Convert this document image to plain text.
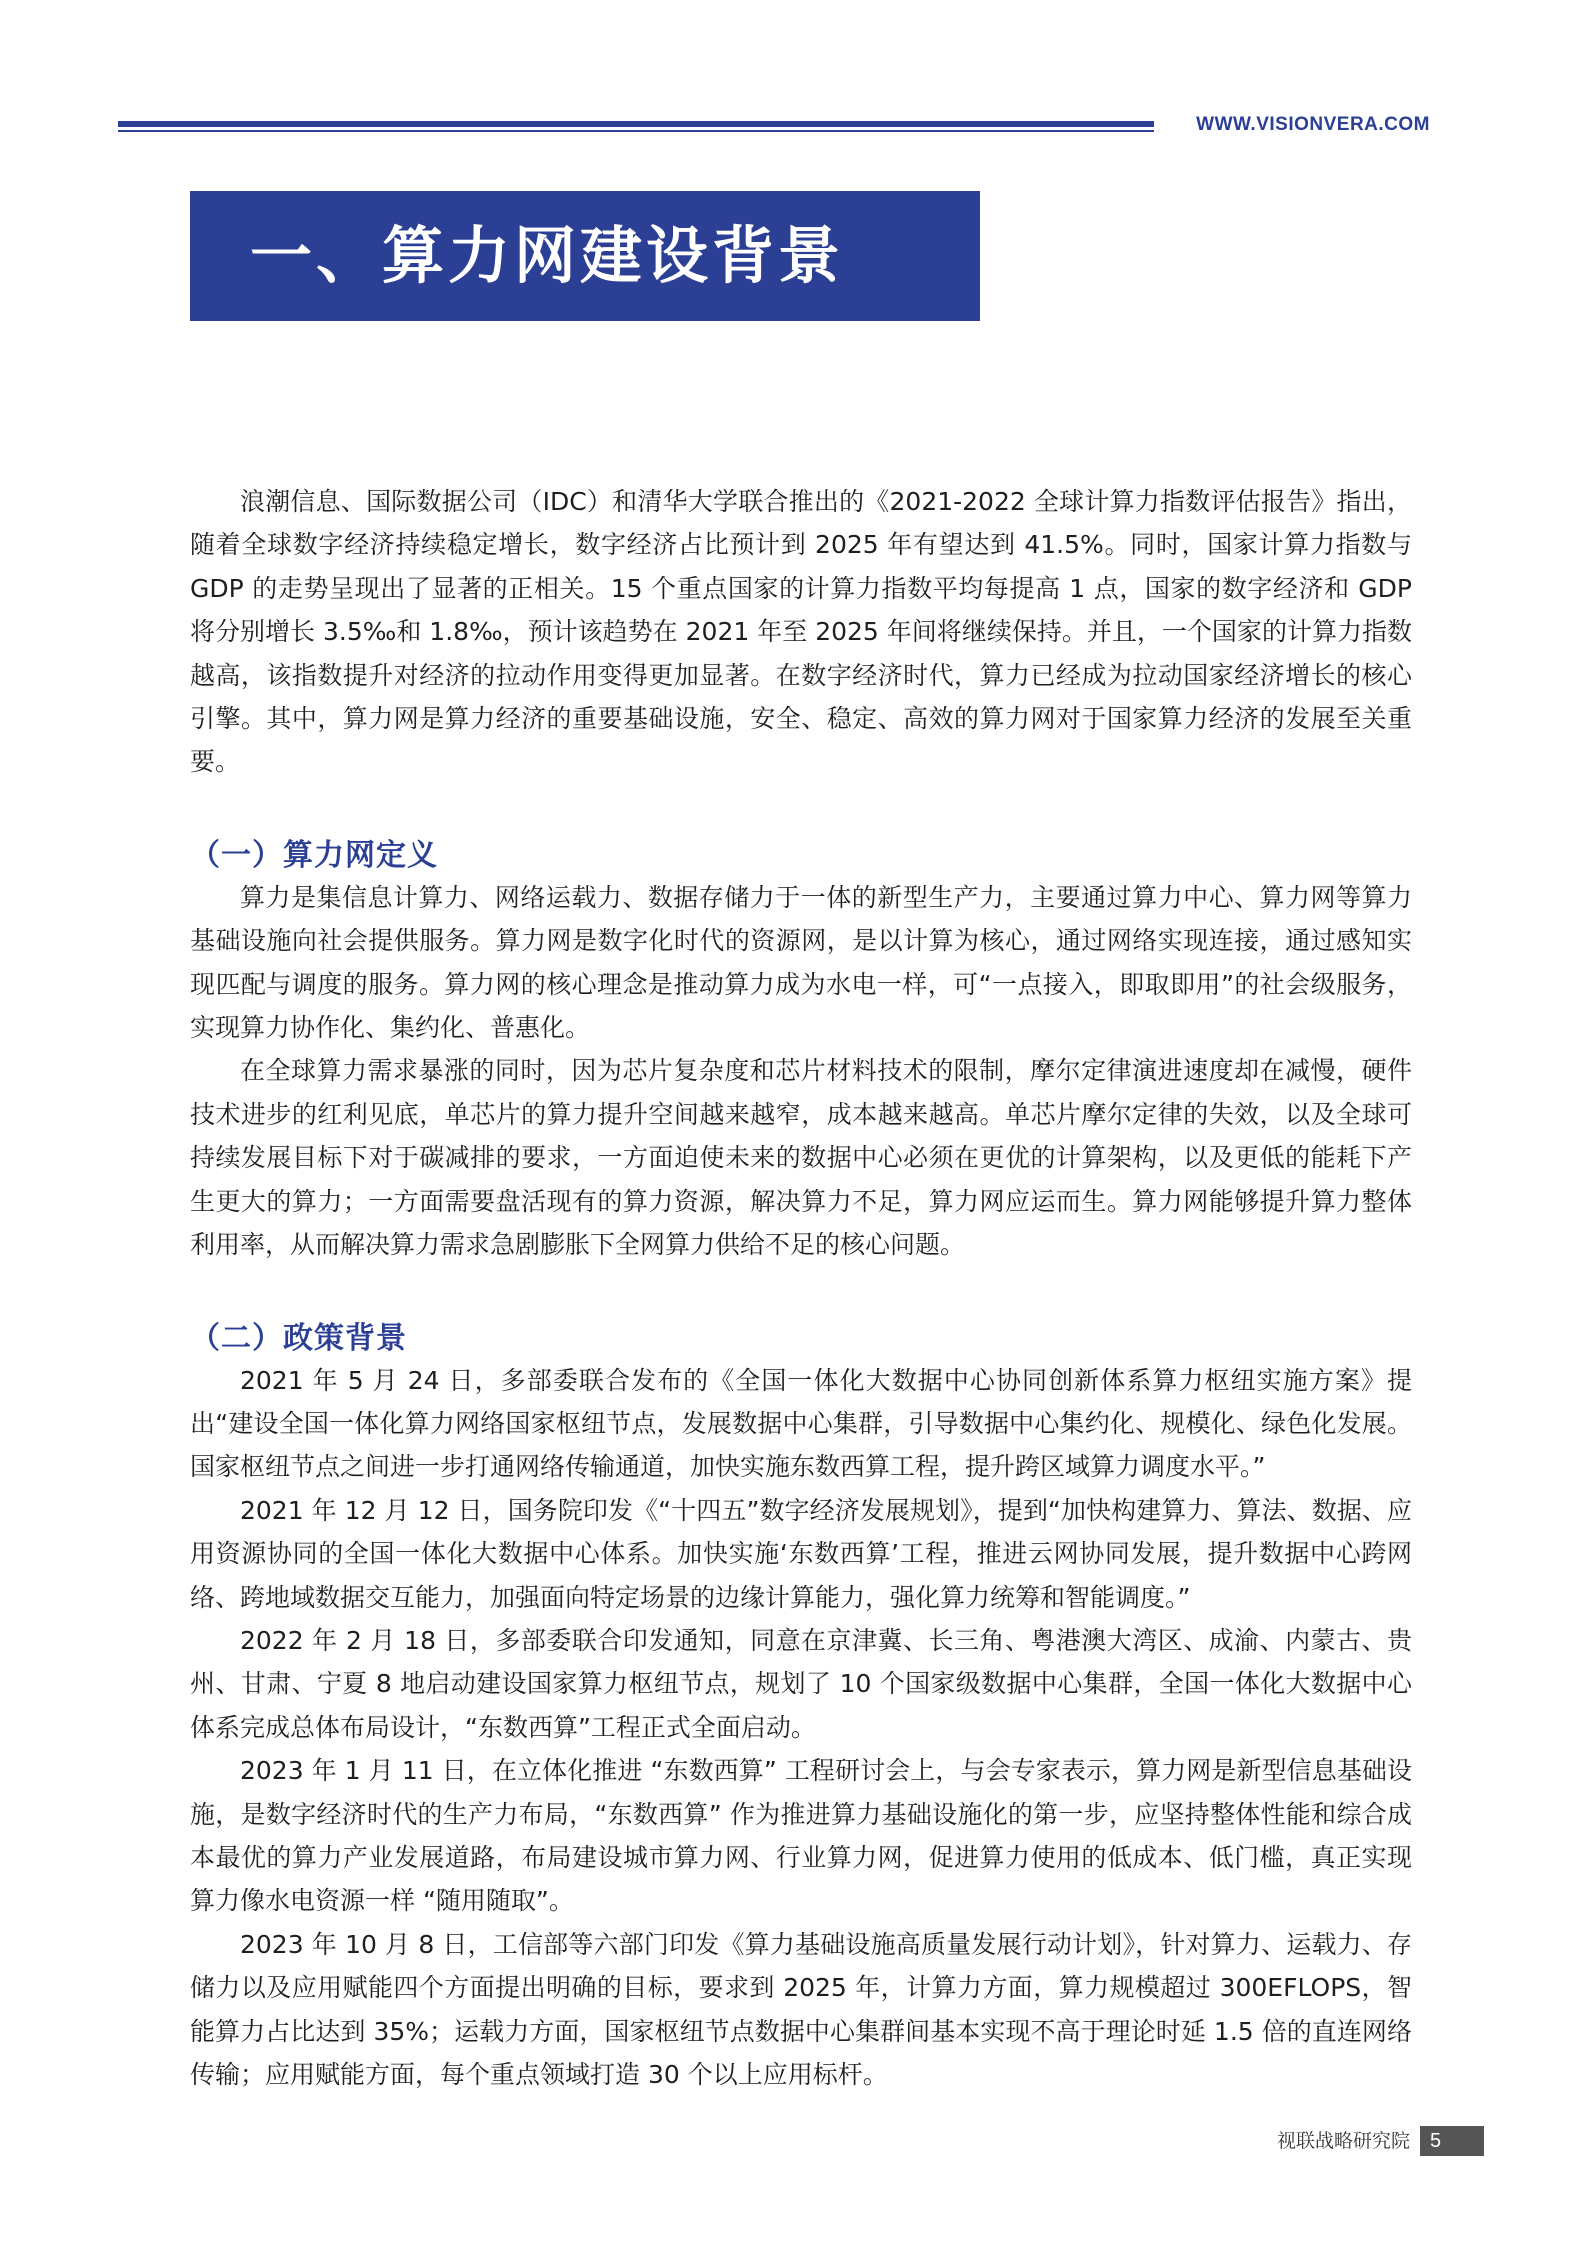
WWW.VISIONVERA.COM
一、算力网建设背景

浪潮信息、国际数据公司（IDC）和清华大学联合推出的《2021-2022 全球计算力指数评估报告》指出，随着全球数字经济持续稳定增长，数字经济占比预计到 2025 年有望达到 41.5%。同时，国家计算力指数与 GDP 的走势呈现出了显著的正相关。15 个重点国家的计算力指数平均每提高 1 点，国家的数字经济和 GDP 将分别增长 3.5‰和 1.8‰，预计该趋势在 2021 年至 2025 年间将继续保持。并且，一个国家的计算力指数越高，该指数提升对经济的拉动作用变得更加显著。在数字经济时代，算力已经成为拉动国家经济增长的核心引擎。其中，算力网是算力经济的重要基础设施，安全、稳定、高效的算力网对于国家算力经济的发展至关重要。

（一）算力网定义

算力是集信息计算力、网络运载力、数据存储力于一体的新型生产力，主要通过算力中心、算力网等算力基础设施向社会提供服务。算力网是数字化时代的资源网，是以计算为核心，通过网络实现连接，通过感知实现匹配与调度的服务。算力网的核心理念是推动算力成为水电一样，可“一点接入，即取即用”的社会级服务，实现算力协作化、集约化、普惠化。

在全球算力需求暴涨的同时，因为芯片复杂度和芯片材料技术的限制，摩尔定律演进速度却在减慢，硬件技术进步的红利见底，单芯片的算力提升空间越来越窄，成本越来越高。单芯片摩尔定律的失效，以及全球可持续发展目标下对于碳减排的要求，一方面迫使未来的数据中心必须在更优的计算架构，以及更低的能耗下产生更大的算力；一方面需要盘活现有的算力资源，解决算力不足，算力网应运而生。算力网能够提升算力整体利用率，从而解决算力需求急剧膨胀下全网算力供给不足的核心问题。

（二）政策背景

2021 年 5 月 24 日，多部委联合发布的《全国一体化大数据中心协同创新体系算力枢纽实施方案》提出“建设全国一体化算力网络国家枢纽节点，发展数据中心集群，引导数据中心集约化、规模化、绿色化发展。国家枢纽节点之间进一步打通网络传输通道，加快实施东数西算工程，提升跨区域算力调度水平。”

2021 年 12 月 12 日，国务院印发《“十四五”数字经济发展规划》，提到“加快构建算力、算法、数据、应用资源协同的全国一体化大数据中心体系。加快实施‘东数西算’工程，推进云网协同发展，提升数据中心跨网络、跨地域数据交互能力，加强面向特定场景的边缘计算能力，强化算力统筹和智能调度。”

2022 年 2 月 18 日，多部委联合印发通知，同意在京津冀、长三角、粤港澳大湾区、成渝、内蒙古、贵州、甘肃、宁夏 8 地启动建设国家算力枢纽节点，规划了 10 个国家级数据中心集群，全国一体化大数据中心体系完成总体布局设计，“东数西算”工程正式全面启动。

2023 年 1 月 11 日，在立体化推进 “东数西算” 工程研讨会上，与会专家表示，算力网是新型信息基础设施，是数字经济时代的生产力布局，“东数西算” 作为推进算力基础设施化的第一步，应坚持整体性能和综合成本最优的算力产业发展道路，布局建设城市算力网、行业算力网，促进算力使用的低成本、低门槛，真正实现算力像水电资源一样 “随用随取”。

2023 年 10 月 8 日，工信部等六部门印发《算力基础设施高质量发展行动计划》，针对算力、运载力、存储力以及应用赋能四个方面提出明确的目标，要求到 2025 年，计算力方面，算力规模超过 300EFLOPS，智能算力占比达到 35%；运载力方面，国家枢纽节点数据中心集群间基本实现不高于理论时延 1.5 倍的直连网络传输；应用赋能方面，每个重点领域打造 30 个以上应用标杆。

视联战略研究院	5
